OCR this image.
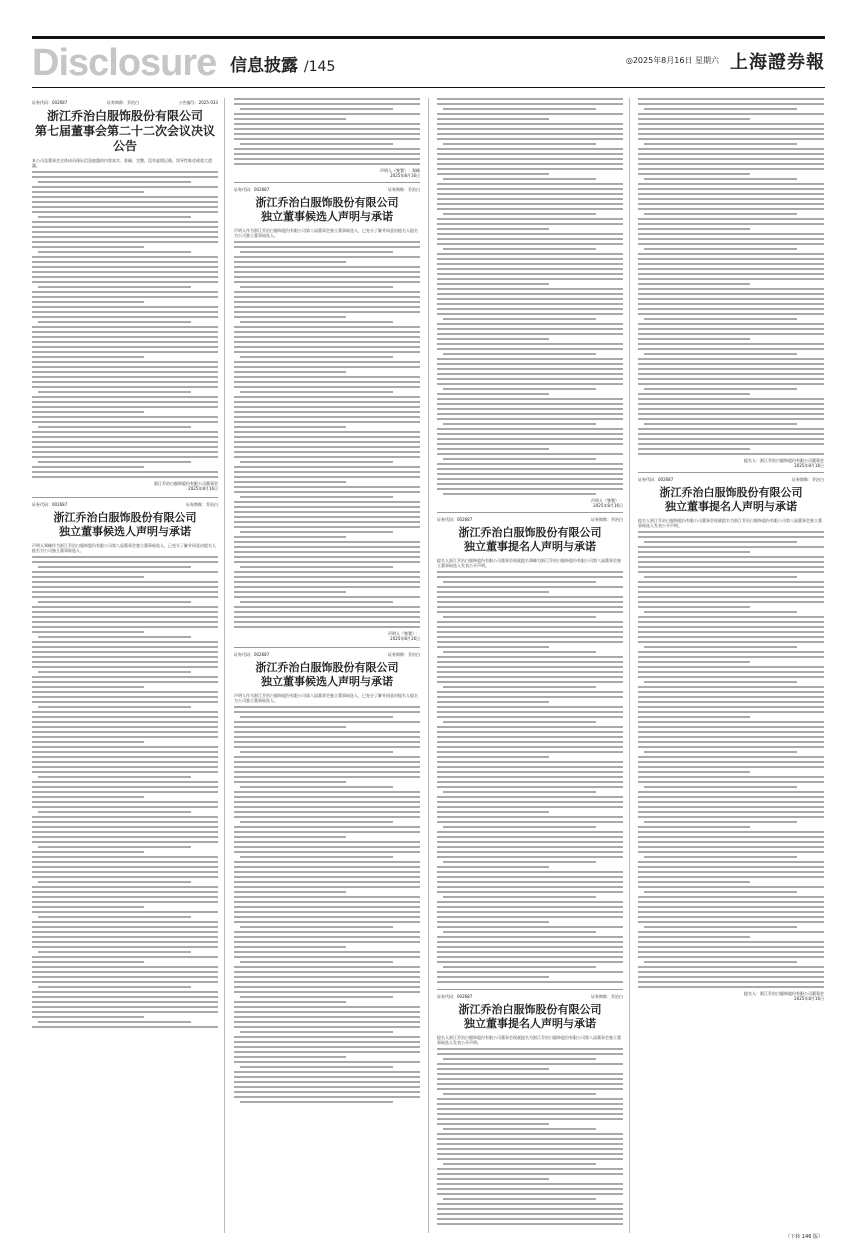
Disclosure 信息披露 /145	◎2025年8月16日 星期六 上海證券報
证券代码：002687	证券简称：乔治白	公告编号：2025-033
浙江乔治白服饰股份有限公司
第七届董事会第二十二次会议决议公告
本公司及董事会全体成员保证信息披露的内容真实、准确、完整，没有虚假记载、误导性陈述或重大遗漏。
浙江乔治白服饰股份有限公司董事会
2025年8月16日
证券代码：002687	证券简称：乔治白
浙江乔治白服饰股份有限公司
独立董事候选人声明与承诺
声明人郑峰作为浙江乔治白服饰股份有限公司第八届董事会独立董事候选人，已充分了解并同意由提名人提名为公司独立董事候选人。
声明人（签署）：郑峰
2025年8月16日
证券代码：002687	证券简称：乔治白
浙江乔治白服饰股份有限公司
独立董事候选人声明与承诺
声明人作为浙江乔治白服饰股份有限公司第八届董事会独立董事候选人，已充分了解并同意由提名人提名为公司独立董事候选人。
声明人（签署）：
2025年8月16日
证券代码：002687	证券简称：乔治白
浙江乔治白服饰股份有限公司
独立董事候选人声明与承诺
声明人作为浙江乔治白服饰股份有限公司第八届董事会独立董事候选人，已充分了解并同意由提名人提名为公司独立董事候选人。
声明人（签署）：
2025年8月16日
证券代码：002687	证券简称：乔治白
浙江乔治白服饰股份有限公司
独立董事提名人声明与承诺
提名人浙江乔治白服饰股份有限公司董事会现就提名郑峰为浙江乔治白服饰股份有限公司第八届董事会独立董事候选人发表公开声明。
提名人：浙江乔治白服饰股份有限公司董事会
2025年8月16日
证券代码：002687	证券简称：乔治白
浙江乔治白服饰股份有限公司
独立董事提名人声明与承诺
提名人浙江乔治白服饰股份有限公司董事会现就提名为浙江乔治白服饰股份有限公司第八届董事会独立董事候选人发表公开声明。
提名人：浙江乔治白服饰股份有限公司董事会
2025年8月16日
证券代码：002687	证券简称：乔治白
浙江乔治白服饰股份有限公司
独立董事提名人声明与承诺
提名人浙江乔治白服饰股份有限公司董事会现就提名为浙江乔治白服饰股份有限公司第八届董事会独立董事候选人发表公开声明。
（下转 146 版）
